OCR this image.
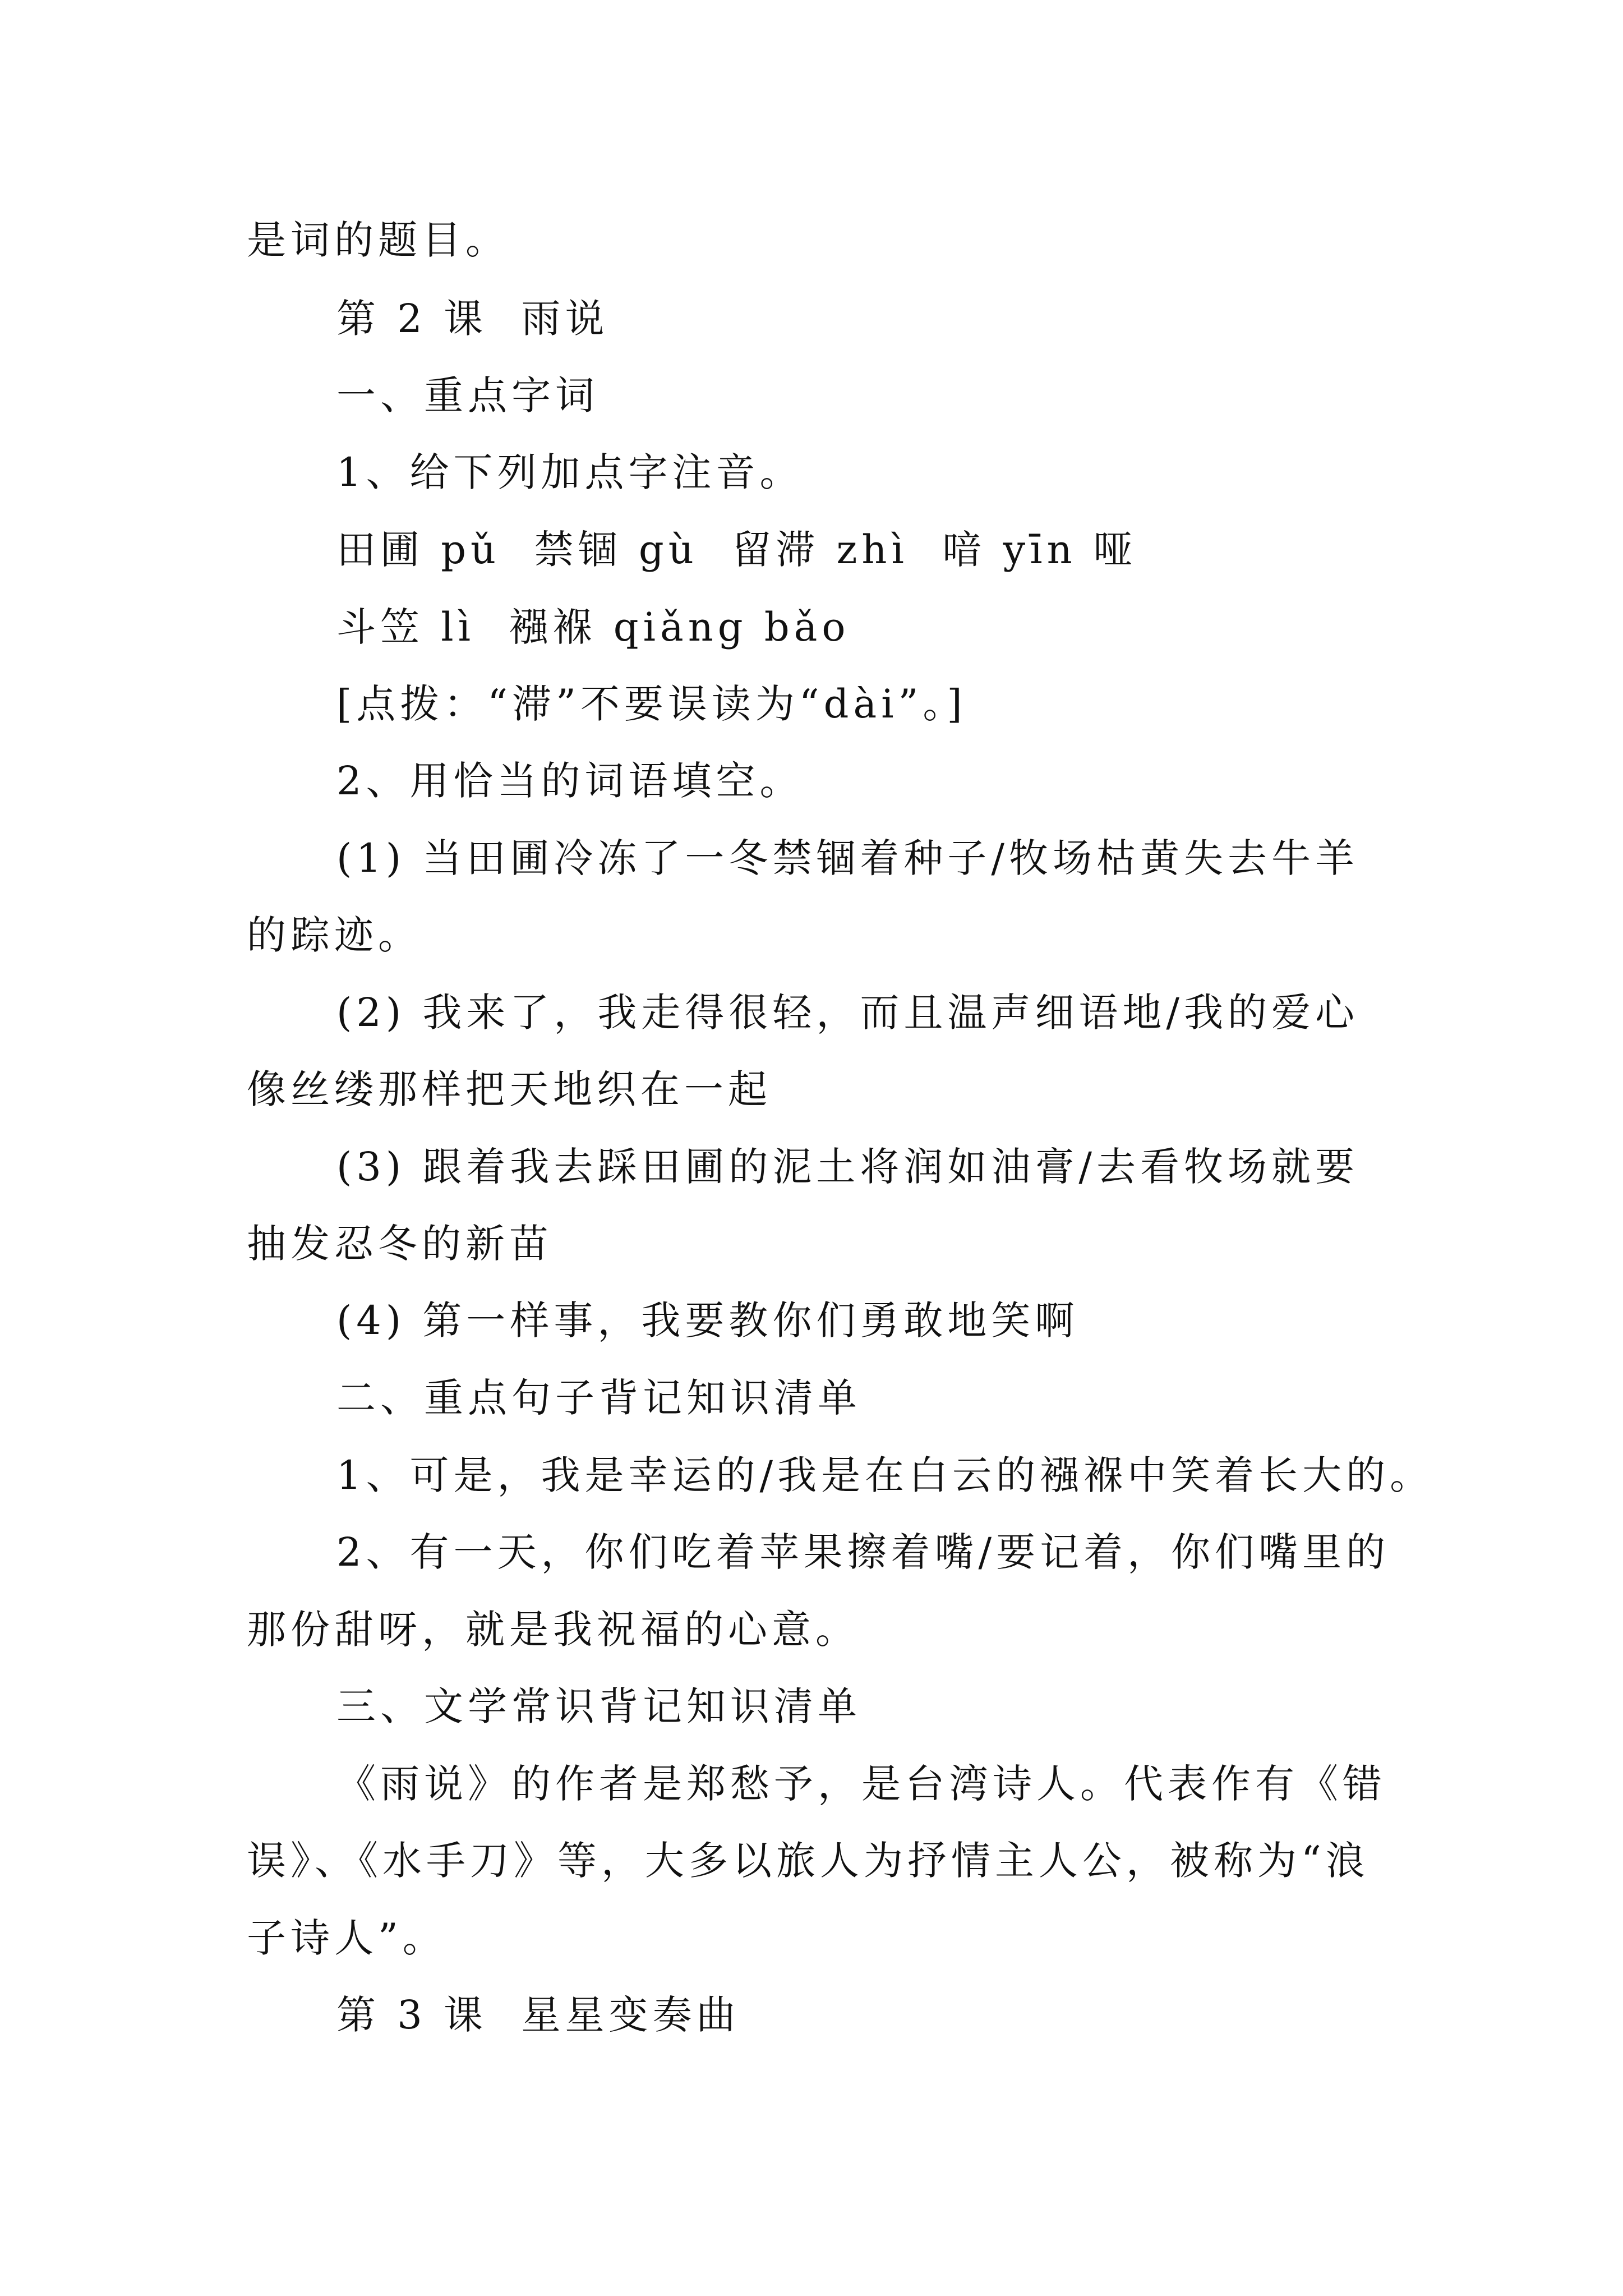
是词的题目。
第 2 课  雨说
一、重点字词
1、给下列加点字注音。
田圃 pǔ  禁锢 gù  留滞 zhì  喑 yīn 哑
斗笠 lì  襁褓 qiǎng bǎo
[点拨：“滞”不要误读为“dài”。]
2、用恰当的词语填空。
(1) 当田圃冷冻了一冬禁锢着种子/牧场枯黄失去牛羊
的踪迹。
(2) 我来了，我走得很轻，而且温声细语地/我的爱心
像丝缕那样把天地织在一起
(3) 跟着我去踩田圃的泥土将润如油膏/去看牧场就要
抽发忍冬的新苗
(4) 第一样事，我要教你们勇敢地笑啊
二、重点句子背记知识清单
1、可是，我是幸运的/我是在白云的襁褓中笑着长大的。
2、有一天，你们吃着苹果擦着嘴/要记着，你们嘴里的
那份甜呀，就是我祝福的心意。
三、文学常识背记知识清单
《雨说》的作者是郑愁予，是台湾诗人。代表作有《错
误》、《水手刀》等，大多以旅人为抒情主人公，被称为“浪
子诗人”。
第 3 课  星星变奏曲
